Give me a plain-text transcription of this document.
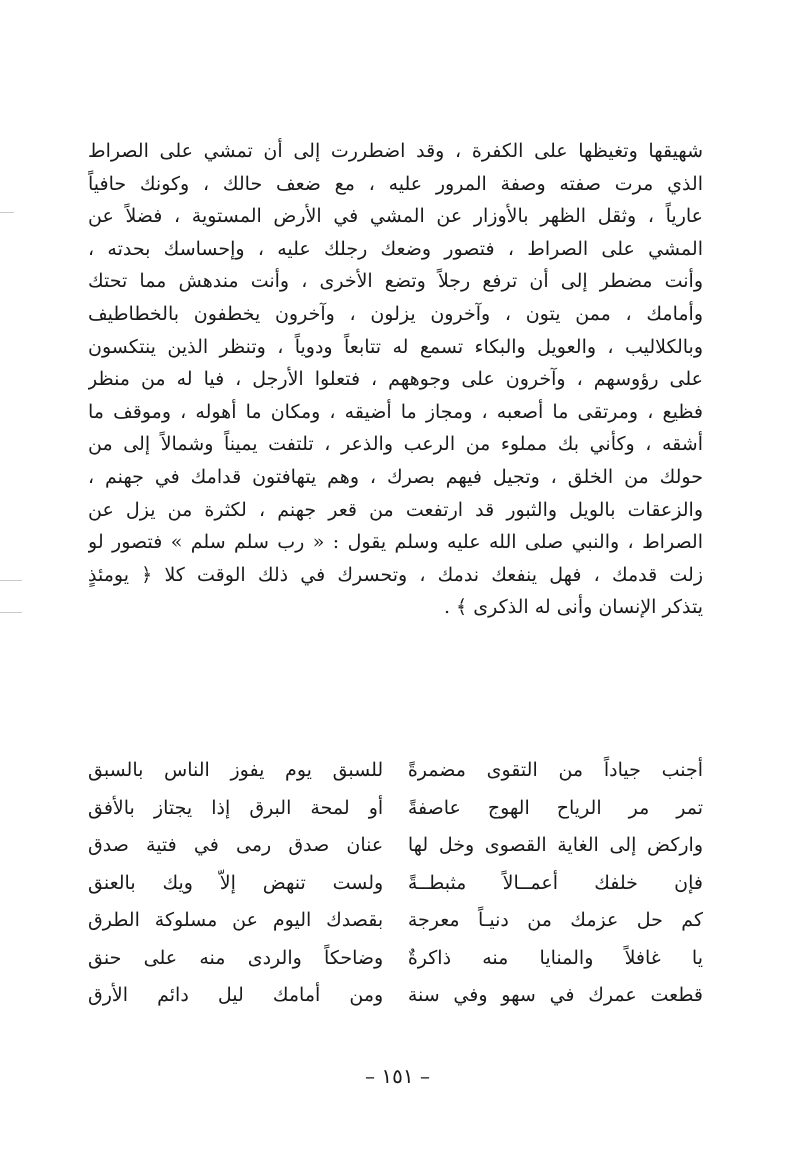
شهيقها وتغيظها على الكفرة ، وقد اضطررت إلى أن تمشي على الصراط
الذي مرت صفته وصفة المرور عليه ، مع ضعف حالك ، وكونك حافياً
عارياً ، وثقل الظهر بالأوزار عن المشي في الأرض المستوية ، فضلاً عن
المشي على الصراط ، فتصور وضعك رجلك عليه ، وإحساسك بحدته ،
وأنت مضطر إلى أن ترفع رجلاً وتضع الأخرى ، وأنت مندهش مما تحتك
وأمامك ، ممن يتون ، وآخرون يزلون ، وآخرون يخطفون بالخطاطيف
وبالكلاليب ، والعويل والبكاء تسمع له تتابعاً ودوياً ، وتنظر الذين ينتكسون
على رؤوسهم ، وآخرون على وجوههم ، فتعلوا الأرجل ، فيا له من منظر
فظيع ، ومرتقى ما أصعبه ، ومجاز ما أضيقه ، ومكان ما أهوله ، وموقف ما
أشقه ، وكأني بك مملوء من الرعب والذعر ، تلتفت يميناً وشمالاً إلى من
حولك من الخلق ، وتجيل فيهم بصرك ، وهم يتهافتون قدامك في جهنم ،
والزعقات بالويل والثبور قد ارتفعت من قعر جهنم ، لكثرة من يزل عن
الصراط ، والنبي صلى الله عليه وسلم يقول : « رب سلم سلم » فتصور لو
زلت قدمك ، فهل ينفعك ندمك ، وتحسرك في ذلك الوقت كلا ﴿ يومئذٍ
يتذكر الإنسان وأنى له الذكرى ﴾ .
أجنب جياداً من التقوى مضمرةً
للسبق يوم يفوز الناس بالسبق
تمر مر الرياح الهوج عاصفةً
أو لمحة البرق إذا يجتاز بالأفق
واركض إلى الغاية القصوى وخل لها
عنان صدق رمى في فتية صدق
فإن خلفك أعمــالاً مثبطــةً
ولست تنهض إلاّ ويك بالعنق
كم حل عزمك من دنيـاً معرجة
بقصدك اليوم عن مسلوكة الطرق
يا غافلاً والمنايا منه ذاكرةٌ
وضاحكاً والردى منه على حنق
قطعت عمرك في سهو وفي سنة
ومن أمامك ليل دائم الأرق
– ١٥١ –
